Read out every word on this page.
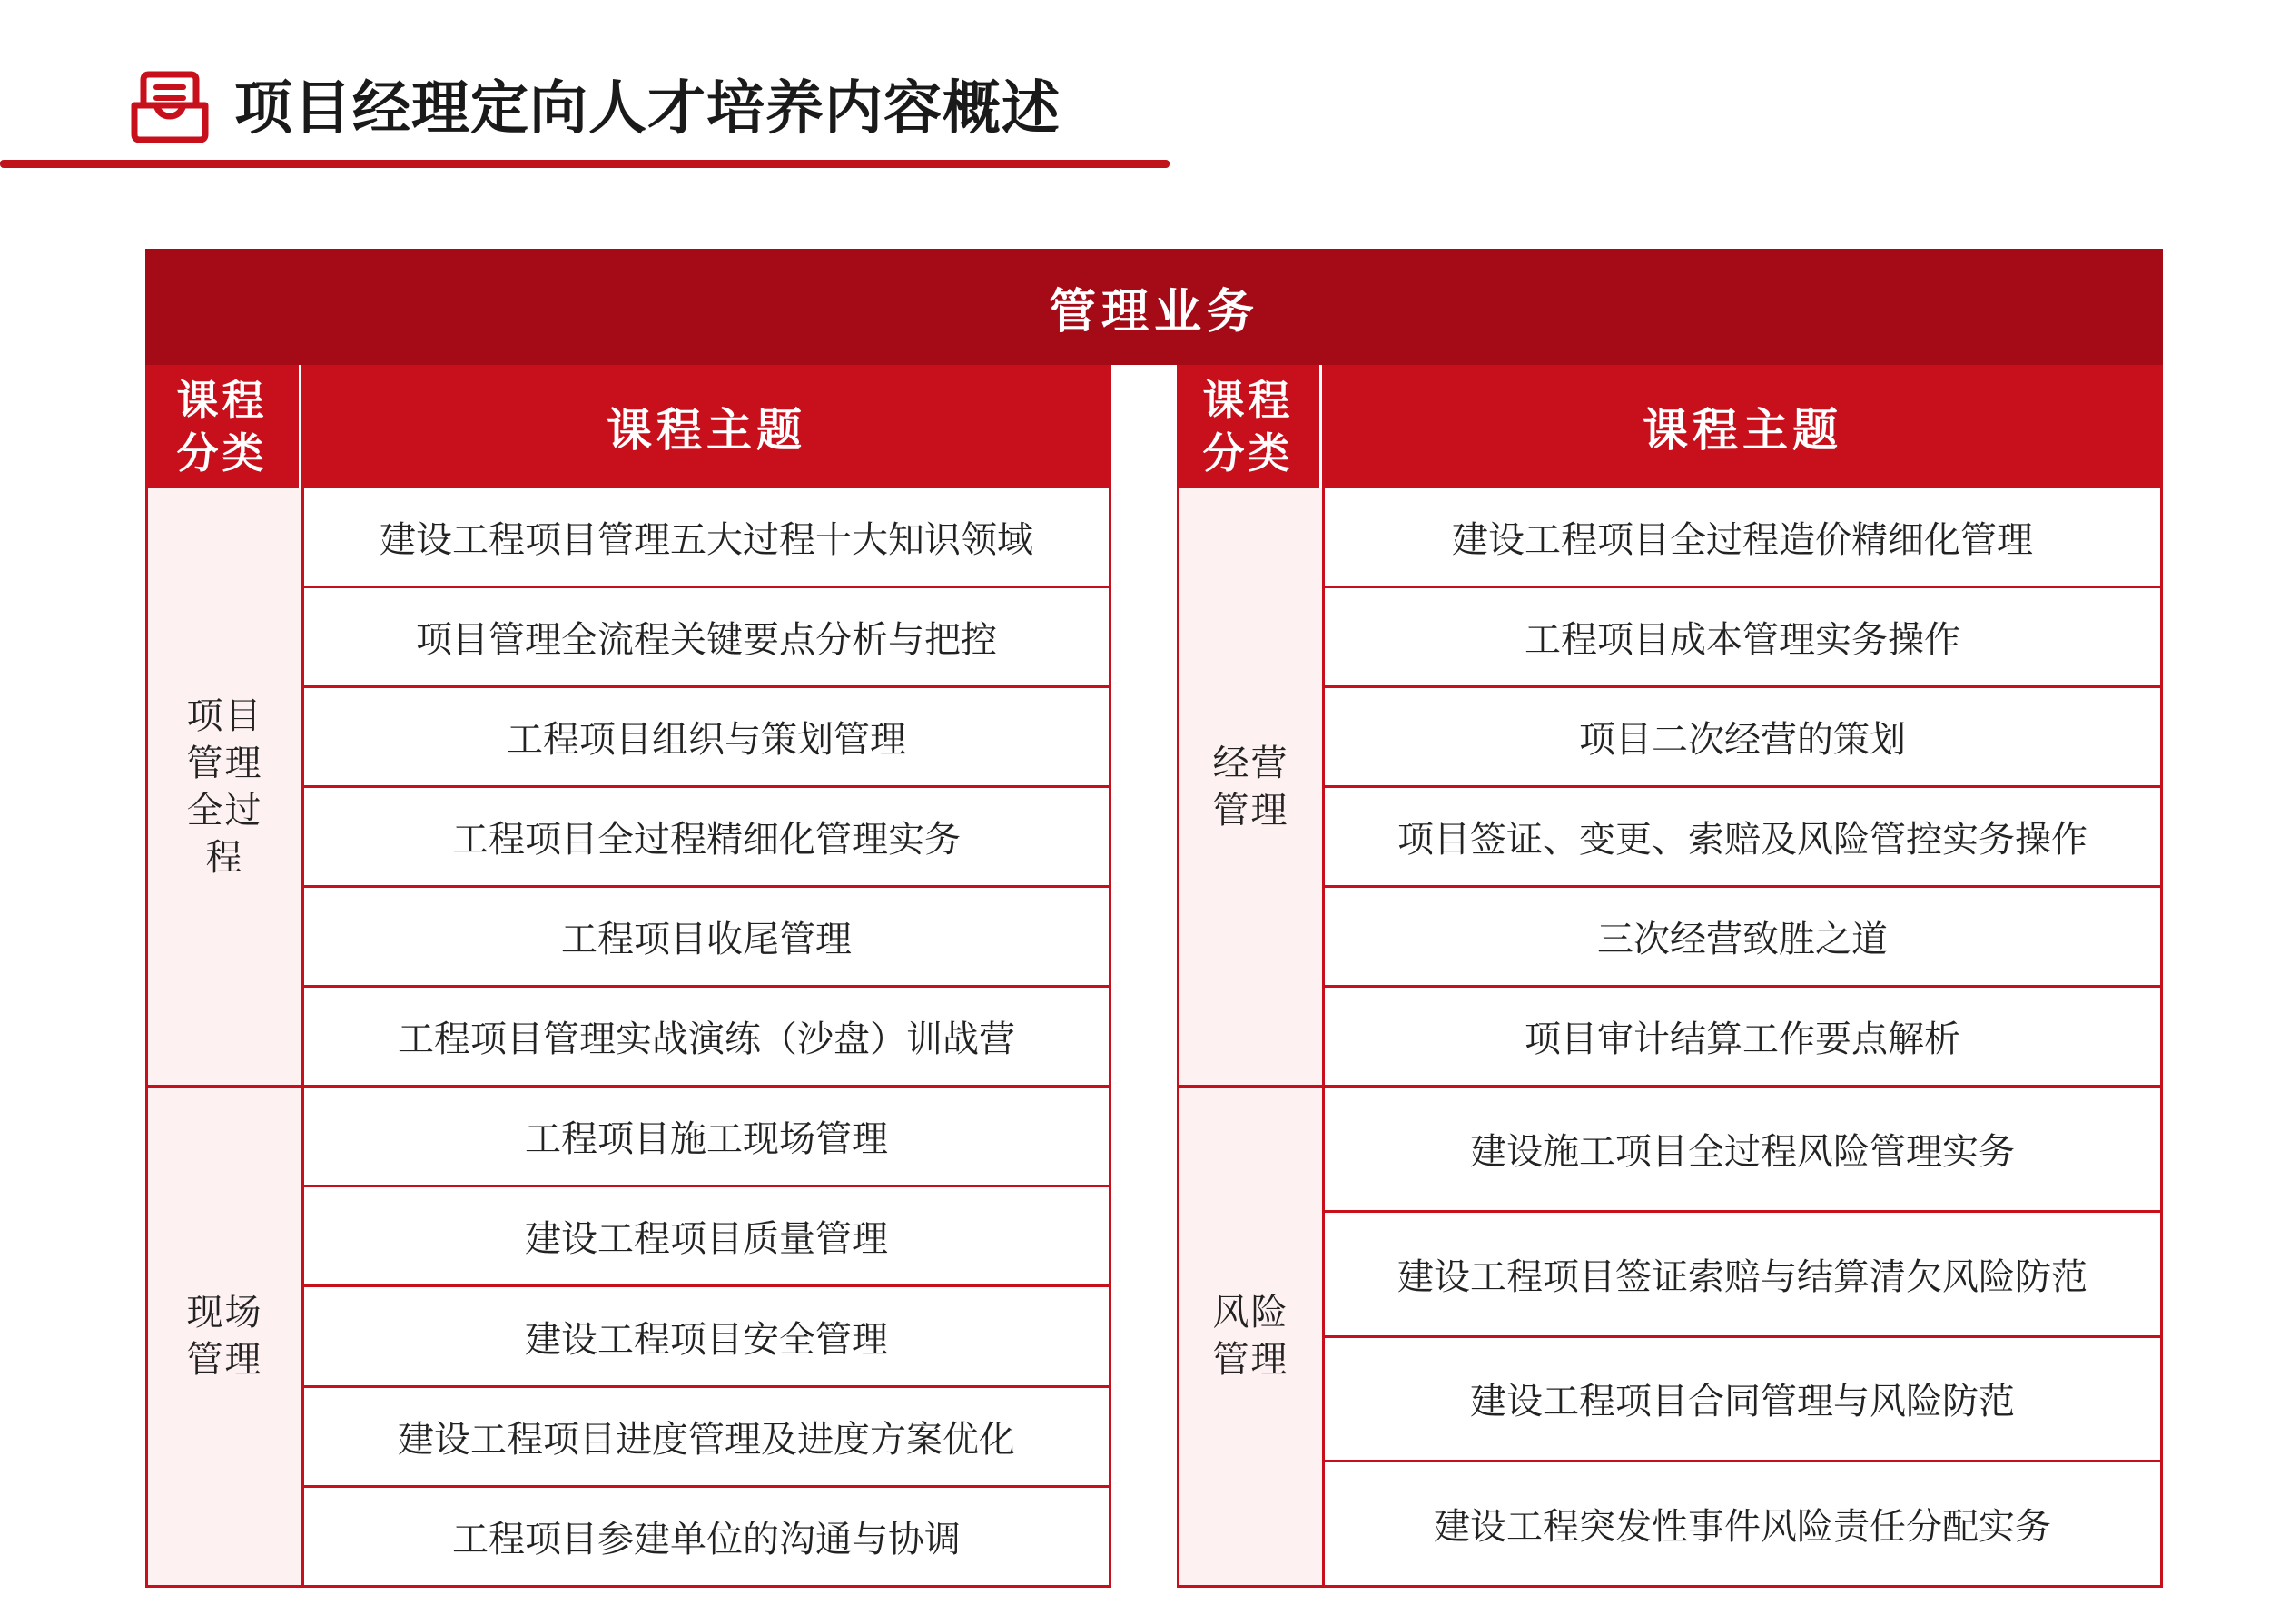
项目经理定向人才培养内容概述
管理业务
课程分类	课程主题
项目管理全过程
建设工程项目管理五大过程十大知识领域
项目管理全流程关键要点分析与把控
工程项目组织与策划管理
工程项目全过程精细化管理实务
工程项目收尾管理
工程项目管理实战演练（沙盘）训战营
现场管理
工程项目施工现场管理
建设工程项目质量管理
建设工程项目安全管理
建设工程项目进度管理及进度方案优化
工程项目参建单位的沟通与协调
课程分类	课程主题
经营管理
建设工程项目全过程造价精细化管理
工程项目成本管理实务操作
项目二次经营的策划
项目签证、变更、索赔及风险管控实务操作
三次经营致胜之道
项目审计结算工作要点解析
风险管理
建设施工项目全过程风险管理实务
建设工程项目签证索赔与结算清欠风险防范
建设工程项目合同管理与风险防范
建设工程突发性事件风险责任分配实务
